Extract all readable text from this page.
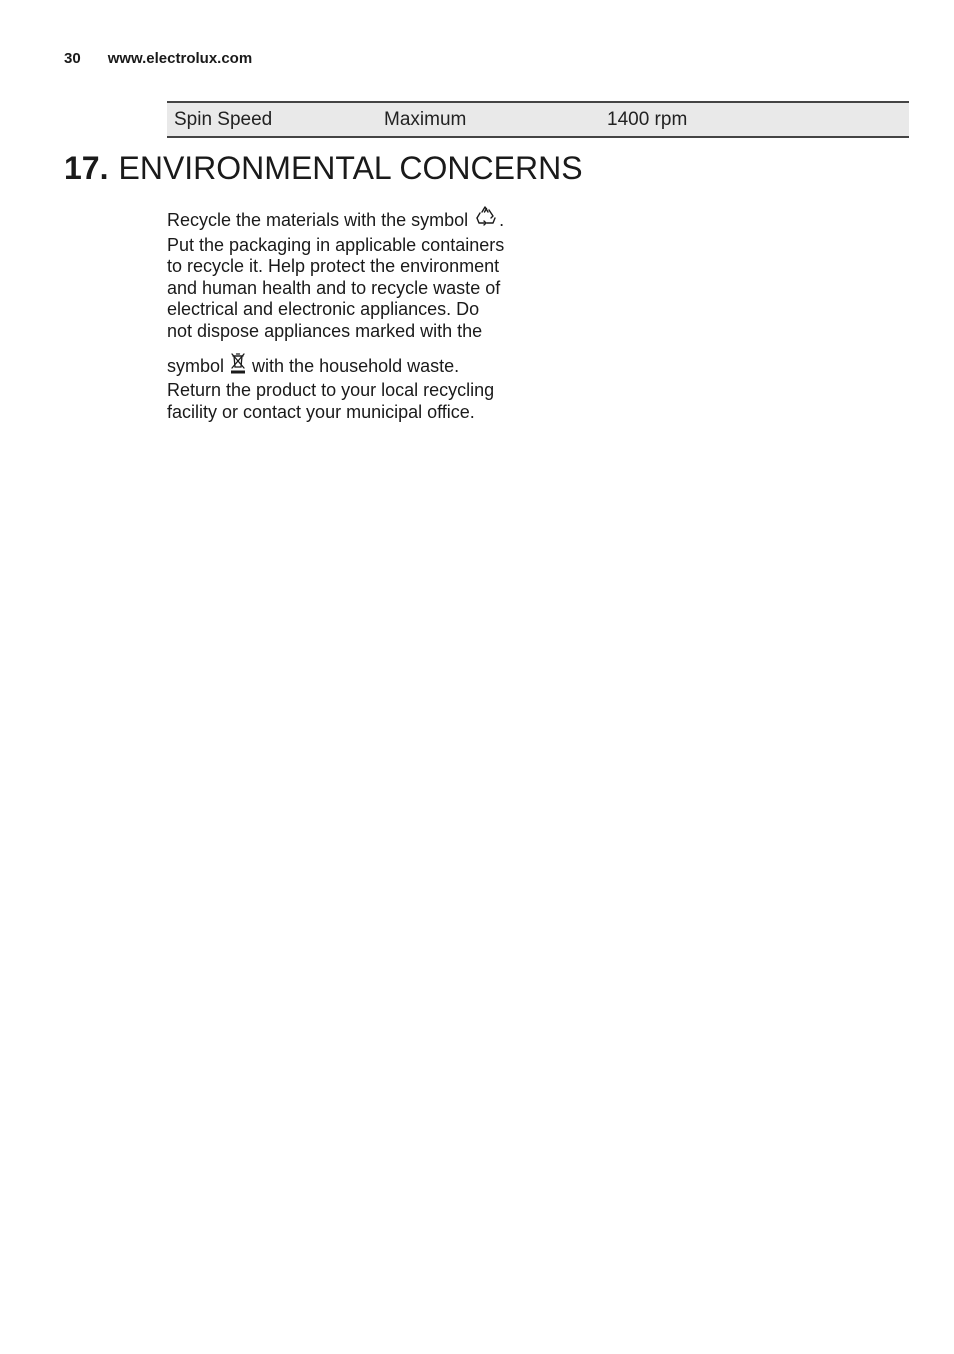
30 www.electrolux.com
Spin Speed	Maximum	1400 rpm
17. ENVIRONMENTAL CONCERNS

Recycle the materials with the symbol .
Put the packaging in applicable containers
to recycle it. Help protect the environment
and human health and to recycle waste of
electrical and electronic appliances. Do
not dispose appliances marked with the
symbol with the household waste.
Return the product to your local recycling
facility or contact your municipal office.
